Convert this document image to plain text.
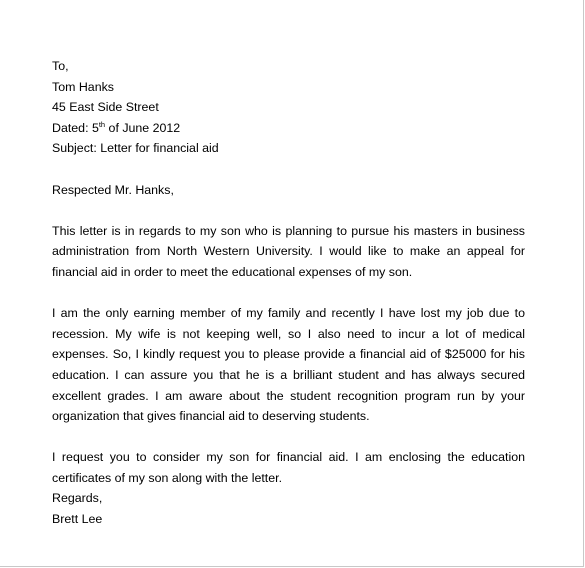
To,
Tom Hanks
45 East Side Street
Dated: 5th of June 2012
Subject: Letter for financial aid
Respected Mr. Hanks,
This letter is in regards to my son who is planning to pursue his masters in business administration from North Western University. I would like to make an appeal for financial aid in order to meet the educational expenses of my son.
I am the only earning member of my family and recently I have lost my job due to recession. My wife is not keeping well, so I also need to incur a lot of medical expenses. So, I kindly request you to please provide a financial aid of $25000 for his education. I can assure you that he is a brilliant student and has always secured excellent grades. I am aware about the student recognition program run by your organization that gives financial aid to deserving students.
I request you to consider my son for financial aid. I am enclosing the education certificates of my son along with the letter.
Regards,
Brett Lee
